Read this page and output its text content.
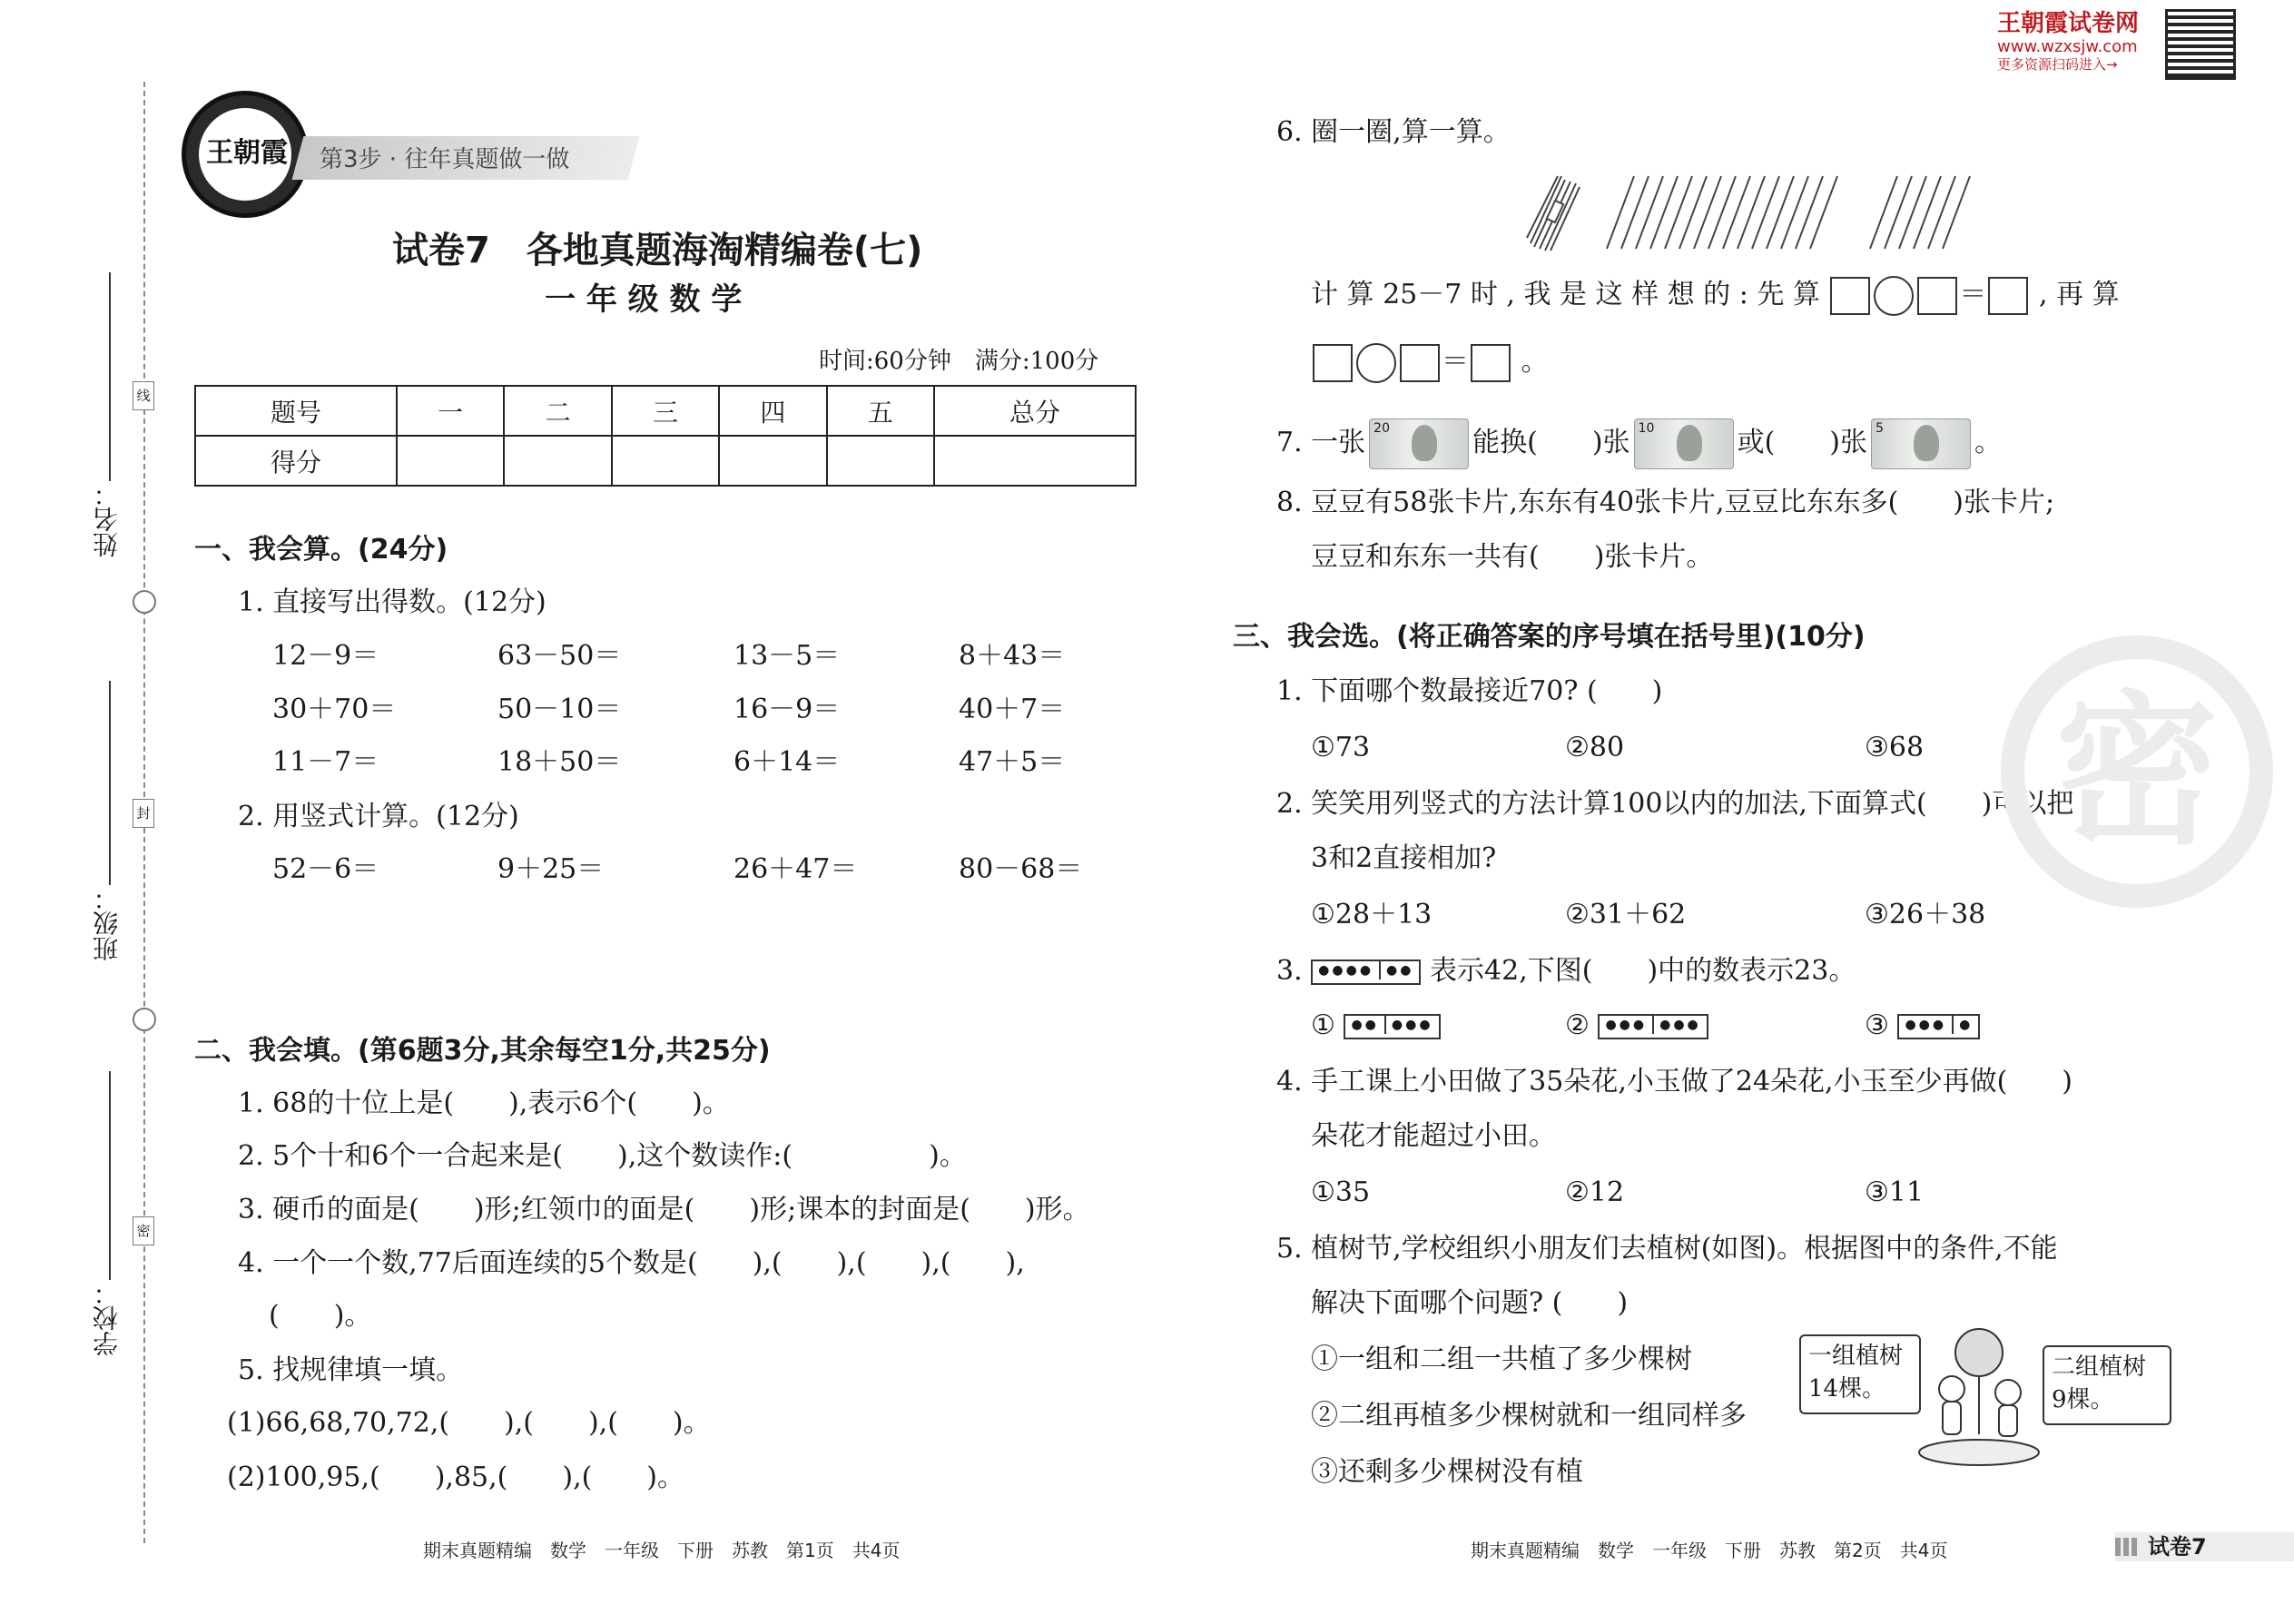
线
封
密
姓名：
班级：
学校：
王朝霞 第3步 · 往年真题做一做
王朝霞试卷网
www.wzxsjw.com
更多资源扫码进入→
试卷7　各地真题海淘精编卷(七)
一 年 级 数 学
时间:60分钟　满分:100分
题号	一	二	三	四	五	总分
得分						
一、我会算。(24分)
1. 直接写出得数。(12分)
12－9＝	63－50＝	13－5＝	8＋43＝
30＋70＝	50－10＝	16－9＝	40＋7＝
11－7＝	18＋50＝	6＋14＝	47＋5＝
2. 用竖式计算。(12分)
52－6＝	9＋25＝	26＋47＝	80－68＝
二、我会填。(第6题3分,其余每空1分,共25分)
1. 68的十位上是(　　),表示6个(　　)。
2. 5个十和6个一合起来是(　　),这个数读作:(　　　　　)。
3. 硬币的面是(　　)形;红领巾的面是(　　)形;课本的封面是(　　)形。
4. 一个一个数,77后面连续的5个数是(　　),(　　),(　　),(　　),
(　　)。
5. 找规律填一填。
(1)66,68,70,72,(　　),(　　),(　　)。
(2)100,95,(　　),85,(　　),(　　)。
6. 圈一圈,算一算。
计 算 25－7 时 , 我 是 这 样 想 的 : 先 算	＝ , 再 算
＝ 。
7. 一张 20	能换(　　)张 10	或(　　)张 5	。
8. 豆豆有58张卡片,东东有40张卡片,豆豆比东东多(　　)张卡片;
豆豆和东东一共有(　　)张卡片。
三、我会选。(将正确答案的序号填在括号里)(10分)
1. 下面哪个数最接近70? (　　)
①73	②80	③68
2. 笑笑用列竖式的方法计算100以内的加法,下面算式(　　)可以把
3和2直接相加?
①28＋13	②31＋62	③26＋38
3. ●●●● ●● 表示42,下图(　　)中的数表示23。
① ●● ●●●	② ●●● ●●●	③ ●●● ●
4. 手工课上小田做了35朵花,小玉做了24朵花,小玉至少再做(　　)
朵花才能超过小田。
①35	②12	③11
5. 植树节,学校组织小朋友们去植树(如图)。根据图中的条件,不能
解决下面哪个问题? (　　)
①一组和二组一共植了多少棵树
②二组再植多少棵树就和一组同样多
③还剩多少棵树没有植
一组植树
14棵。
二组植树
9棵。
密
期末真题精编　数学　一年级　下册　苏教　第1页　共4页	期末真题精编　数学　一年级　下册　苏教　第2页　共4页	试卷7
